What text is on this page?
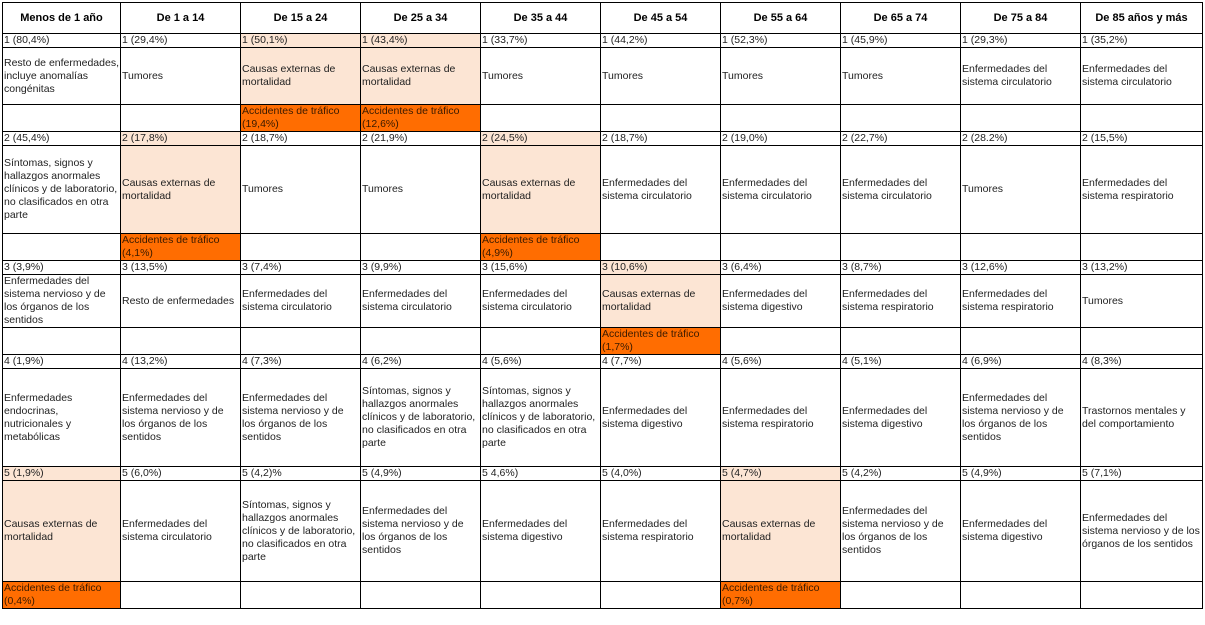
Menos de 1 año	De 1 a 14	De 15 a 24	De 25 a 34	De 35 a 44	De 45 a 54	De 55 a 64	De 65 a 74	De 75 a 84	De 85 años y más
1 (80,4%)	1 (29,4%)	1 (50,1%)	1 (43,4%)	1 (33,7%)	1 (44,2%)	1 (52,3%)	1 (45,9%)	1 (29,3%)	1 (35,2%)
Resto de enfermedades, incluye anomalías congénitas	Tumores	Causas externas de mortalidad	Causas externas de mortalidad	Tumores	Tumores	Tumores	Tumores	Enfermedades del sistema circulatorio	Enfermedades del sistema circulatorio
		Accidentes de tráfico (19,4%)	Accidentes de tráfico (12,6%)						
2 (45,4%)	2 (17,8%)	2 (18,7%)	2 (21,9%)	2 (24,5%)	2 (18,7%)	2 (19,0%)	2 (22,7%)	2 (28.2%)	2 (15,5%)
Síntomas, signos y hallazgos anormales clínicos y de laboratorio, no clasificados en otra parte	Causas externas de mortalidad	Tumores	Tumores	Causas externas de mortalidad	Enfermedades del sistema circulatorio	Enfermedades del sistema circulatorio	Enfermedades del sistema circulatorio	Tumores	Enfermedades del sistema respiratorio
	Accidentes de tráfico (4,1%)			Accidentes de tráfico (4,9%)					
3 (3,9%)	3 (13,5%)	3 (7,4%)	3 (9,9%)	3 (15,6%)	3 (10,6%)	3 (6,4%)	3 (8,7%)	3 (12,6%)	3 (13,2%)
Enfermedades del sistema nervioso y de los órganos de los sentidos	Resto de enfermedades	Enfermedades del sistema circulatorio	Enfermedades del sistema circulatorio	Enfermedades del sistema circulatorio	Causas externas de mortalidad	Enfermedades del sistema digestivo	Enfermedades del sistema respiratorio	Enfermedades del sistema respiratorio	Tumores
					Accidentes de tráfico (1,7%)				
4 (1,9%)	4 (13,2%)	4 (7,3%)	4 (6,2%)	4 (5,6%)	4 (7,7%)	4 (5,6%)	4 (5,1%)	4 (6,9%)	4 (8,3%)
Enfermedades endocrinas, nutricionales y metabólicas	Enfermedades del sistema nervioso y de los órganos de los sentidos	Enfermedades del sistema nervioso y de los órganos de los sentidos	Síntomas, signos y hallazgos anormales clínicos y de laboratorio, no clasificados en otra parte	Síntomas, signos y hallazgos anormales clínicos y de laboratorio, no clasificados en otra parte	Enfermedades del sistema digestivo	Enfermedades del sistema respiratorio	Enfermedades del sistema digestivo	Enfermedades del sistema nervioso y de los órganos de los sentidos	Trastornos mentales y del comportamiento
5 (1,9%)	5 (6,0%)	5 (4,2)%	5 (4,9%)	5 4,6%)	5 (4,0%)	5 (4,7%)	5 (4,2%)	5 (4,9%)	5 (7,1%)
Causas externas de mortalidad	Enfermedades del sistema circulatorio	Síntomas, signos y hallazgos anormales clínicos y de laboratorio, no clasificados en otra parte	Enfermedades del sistema nervioso y de los órganos de los sentidos	Enfermedades del sistema digestivo	Enfermedades del sistema respiratorio	Causas externas de mortalidad	Enfermedades del sistema nervioso y de los órganos de los sentidos	Enfermedades del sistema digestivo	Enfermedades del sistema nervioso y de los órganos de los sentidos
Accidentes de tráfico (0,4%)						Accidentes de tráfico (0,7%)			
